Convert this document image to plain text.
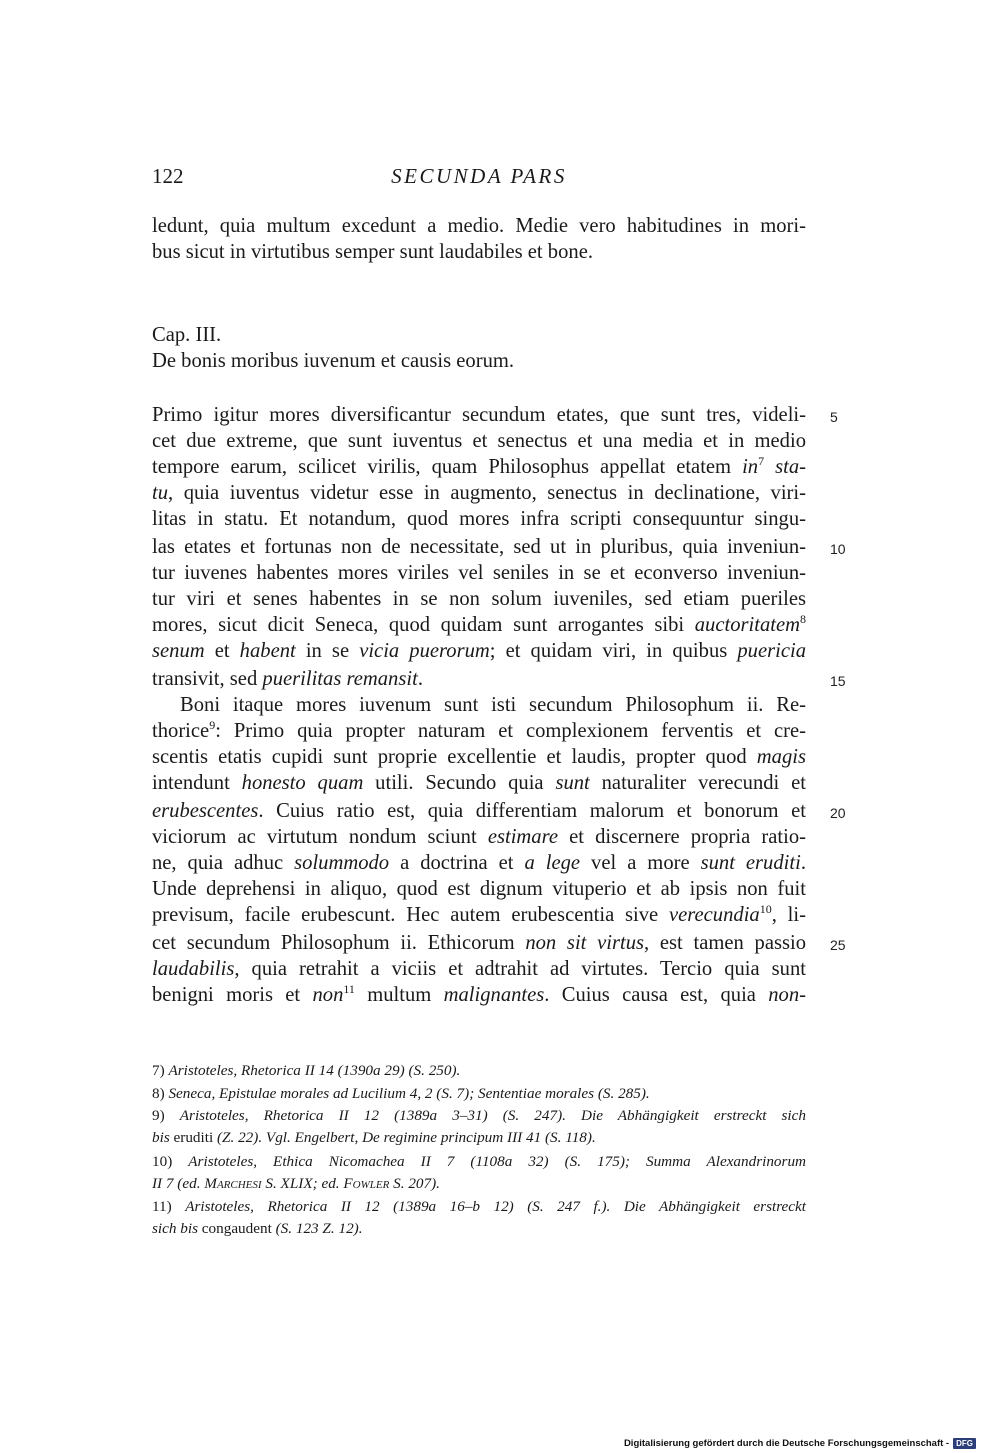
122	SECUNDA PARS
ledunt, quia multum excedunt a medio. Medie vero habitudines in mori-
bus sicut in virtutibus semper sunt laudabiles et bone.
Cap. III.
De bonis moribus iuvenum et causis eorum.
Primo igitur mores diversificantur secundum etates, que sunt tres, videli-
cet due extreme, que sunt iuventus et senectus et una media et in medio
tempore earum, scilicet virilis, quam Philosophus appellat etatem $in^7$ sta-
tu, quia iuventus videtur esse in augmento, senectus in declinatione, viri-
litas in statu. Et notandum, quod mores infra scripti consequuntur singu-
las etates et fortunas non de necessitate, sed ut in pluribus, quia inveniun-
tur iuvenes habentes mores viriles vel seniles in se et econverso inveniun-
tur viri et senes habentes in se non solum iuveniles, sed etiam pueriles
mores, sicut dicit Seneca, quod quidam sunt arrogantes sibi auctoritatem$^8$
senum et habent in se vicia puerorum; et quidam viri, in quibus puericia
transivit, sed puerilitas remansit.
Boni itaque mores iuvenum sunt isti secundum Philosophum ii. Re-
thorice$^9$: Primo quia propter naturam et complexionem ferventis et cre-
scentis etatis cupidi sunt proprie excellentie et laudis, propter quod magis
intendunt honesto quam utili. Secundo quia sunt naturaliter verecundi et
erubescentes. Cuius ratio est, quia differentiam malorum et bonorum et
viciorum ac virtutum nondum sciunt estimare et discernere propria ratio-
ne, quia adhuc solummodo a doctrina et a lege vel a more sunt eruditi.
Unde deprehensi in aliquo, quod est dignum vituperio et ab ipsis non fuit
previsum, facile erubescunt. Hec autem erubescentia sive verecundia$^{10}$, li-
cet secundum Philosophum ii. Ethicorum non sit virtus, est tamen passio
laudabilis, quia retrahit a viciis et adtrahit ad virtutes. Tercio quia sunt
benigni moris et non$^{11}$ multum malignantes. Cuius causa est, quia non-
5
10
15
20
25
7) Aristoteles, Rhetorica II 14 (1390a 29) (S. 250).
8) Seneca, Epistulae morales ad Lucilium 4, 2 (S. 7); Sententiae morales (S. 285).
9) Aristoteles, Rhetorica II 12 (1389a 3–31) (S. 247). Die Abhängigkeit erstreckt sich
bis eruditi (Z. 22). Vgl. Engelbert, De regimine principum III 41 (S. 118).
10) Aristoteles, Ethica Nicomachea II 7 (1108a 32) (S. 175); Summa Alexandrinorum
II 7 (ed. Marchesi S. XLIX; ed. Fowler S. 207).
11) Aristoteles, Rhetorica II 12 (1389a 16–b 12) (S. 247 f.). Die Abhängigkeit erstreckt
sich bis congaudent (S. 123 Z. 12).
Digitalisierung gefördert durch die Deutsche Forschungsgemeinschaft - DFG
